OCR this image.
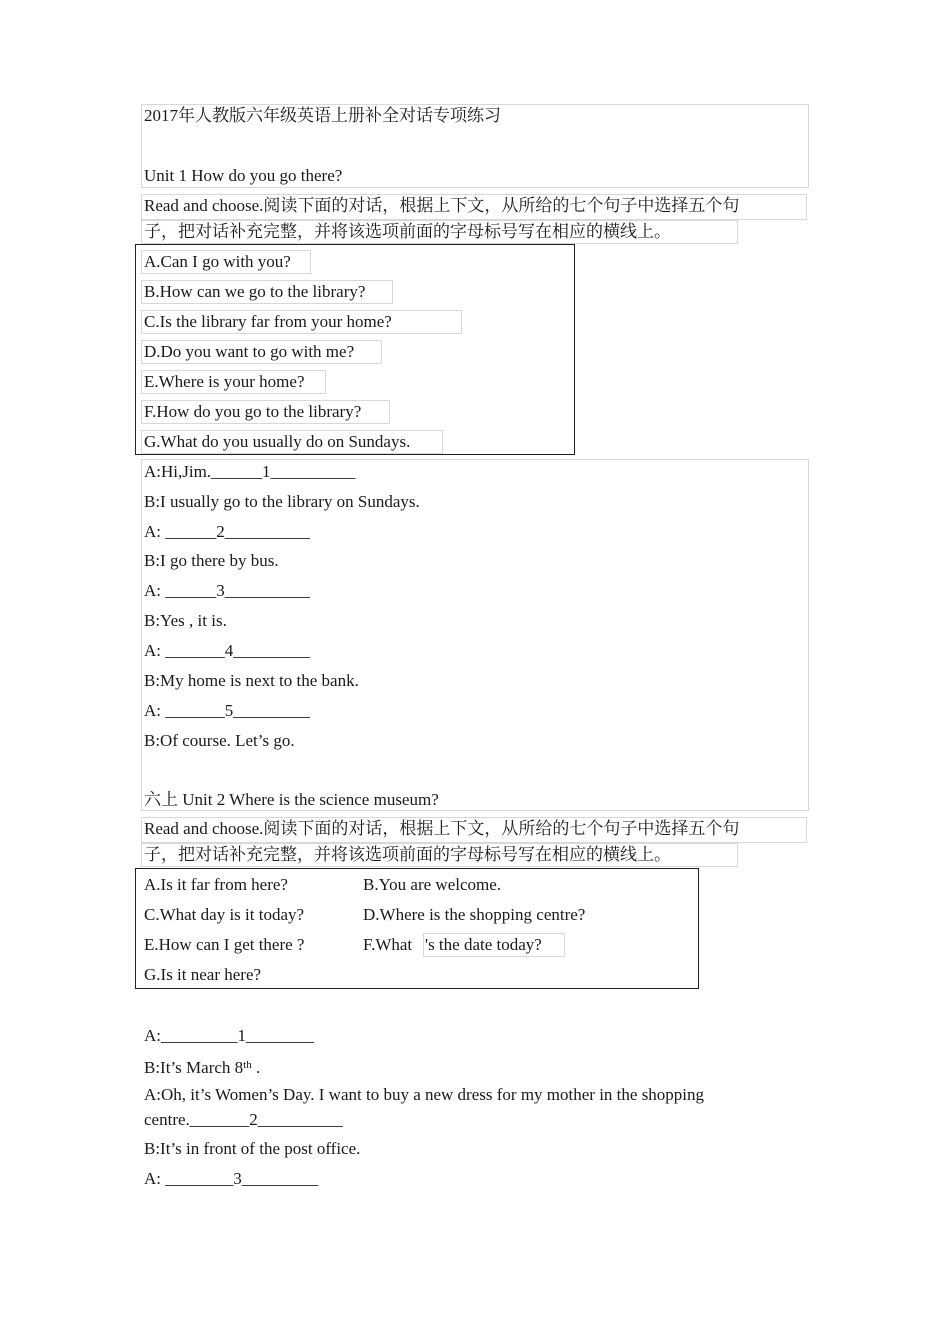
2017年人教版六年级英语上册补全对话专项练习
Unit 1 How do you go there?
Read and choose.阅读下面的对话，根据上下文，从所给的七个句子中选择五个句
子，把对话补充完整，并将该选项前面的字母标号写在相应的横线上。
A.Can I go with you?
B.How can we go to the library?
C.Is the library far from your home?
D.Do you want to go with me?
E.Where is your home?
F.How do you go to the library?
G.What do you usually do on Sundays.
A:Hi,Jim.______1__________
B:I usually go to the library on Sundays.
A: ______2__________
B:I go there by bus.
A: ______3__________
B:Yes , it is.
A: _______4_________
B:My home is next to the bank.
A: _______5_________
B:Of course. Let’s go.
六上 Unit 2 Where is the science museum?
Read and choose.阅读下面的对话，根据上下文，从所给的七个句子中选择五个句
子，把对话补充完整，并将该选项前面的字母标号写在相应的横线上。
A.Is it far from here?	B.You are welcome.
C.What day is it today?	D.Where is the shopping centre?
E.How can I get there ?	F.What 's the date today?
G.Is it near here?
A:_________1________
B:It’s March 8th .
A:Oh, it’s Women’s Day. I want to buy a new dress for my mother in the shopping
centre._______2__________
B:It’s in front of the post office.
A: ________3_________
